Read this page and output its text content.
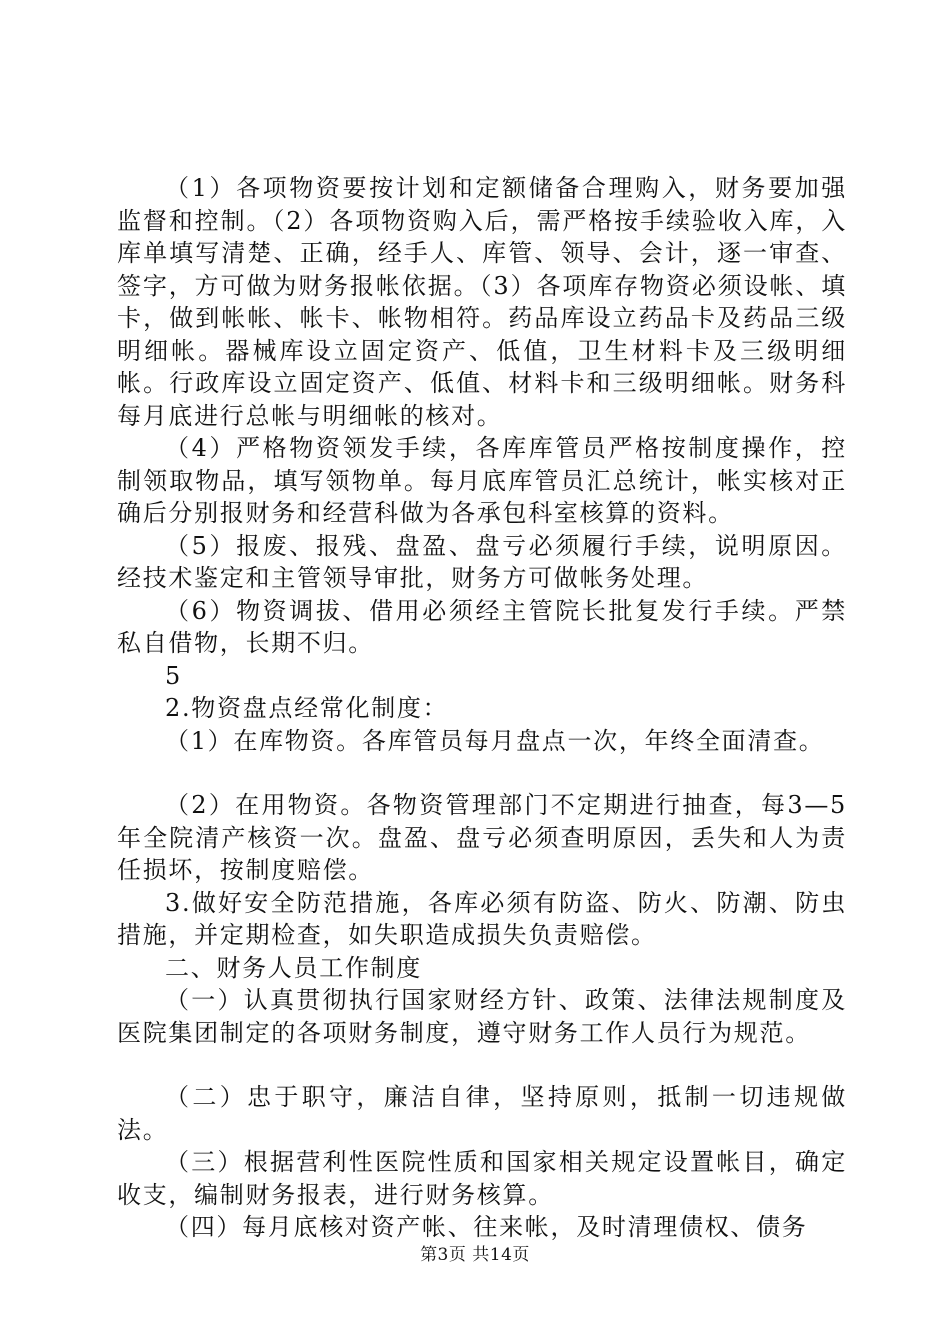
（1）各项物资要按计划和定额储备合理购入，财务要加强监督和控制。（2）各项物资购入后，需严格按手续验收入库，入库单填写清楚、正确，经手人、库管、领导、会计，逐一审查、签字，方可做为财务报帐依据。（3）各项库存物资必须设帐、填卡，做到帐帐、帐卡、帐物相符。药品库设立药品卡及药品三级明细帐。器械库设立固定资产、低值，卫生材料卡及三级明细帐。行政库设立固定资产、低值、材料卡和三级明细帐。财务科每月底进行总帐与明细帐的核对。

（4）严格物资领发手续，各库库管员严格按制度操作，控制领取物品，填写领物单。每月底库管员汇总统计，帐实核对正确后分别报财务和经营科做为各承包科室核算的资料。

（5）报废、报残、盘盈、盘亏必须履行手续，说明原因。经技术鉴定和主管领导审批，财务方可做帐务处理。

（6）物资调拔、借用必须经主管院长批复发行手续。严禁私自借物，长期不归。

5

2.物资盘点经常化制度：

（1）在库物资。各库管员每月盘点一次，年终全面清查。

（2）在用物资。各物资管理部门不定期进行抽查，每3—5年全院清产核资一次。盘盈、盘亏必须查明原因，丢失和人为责任损坏，按制度赔偿。

3.做好安全防范措施，各库必须有防盗、防火、防潮、防虫措施，并定期检查，如失职造成损失负责赔偿。

二、财务人员工作制度

（一）认真贯彻执行国家财经方针、政策、法律法规制度及医院集团制定的各项财务制度，遵守财务工作人员行为规范。

（二）忠于职守，廉洁自律，坚持原则，抵制一切违规做法。

（三）根据营利性医院性质和国家相关规定设置帐目，确定收支，编制财务报表，进行财务核算。

（四）每月底核对资产帐、往来帐，及时清理债权、债务

第3页 共14页
